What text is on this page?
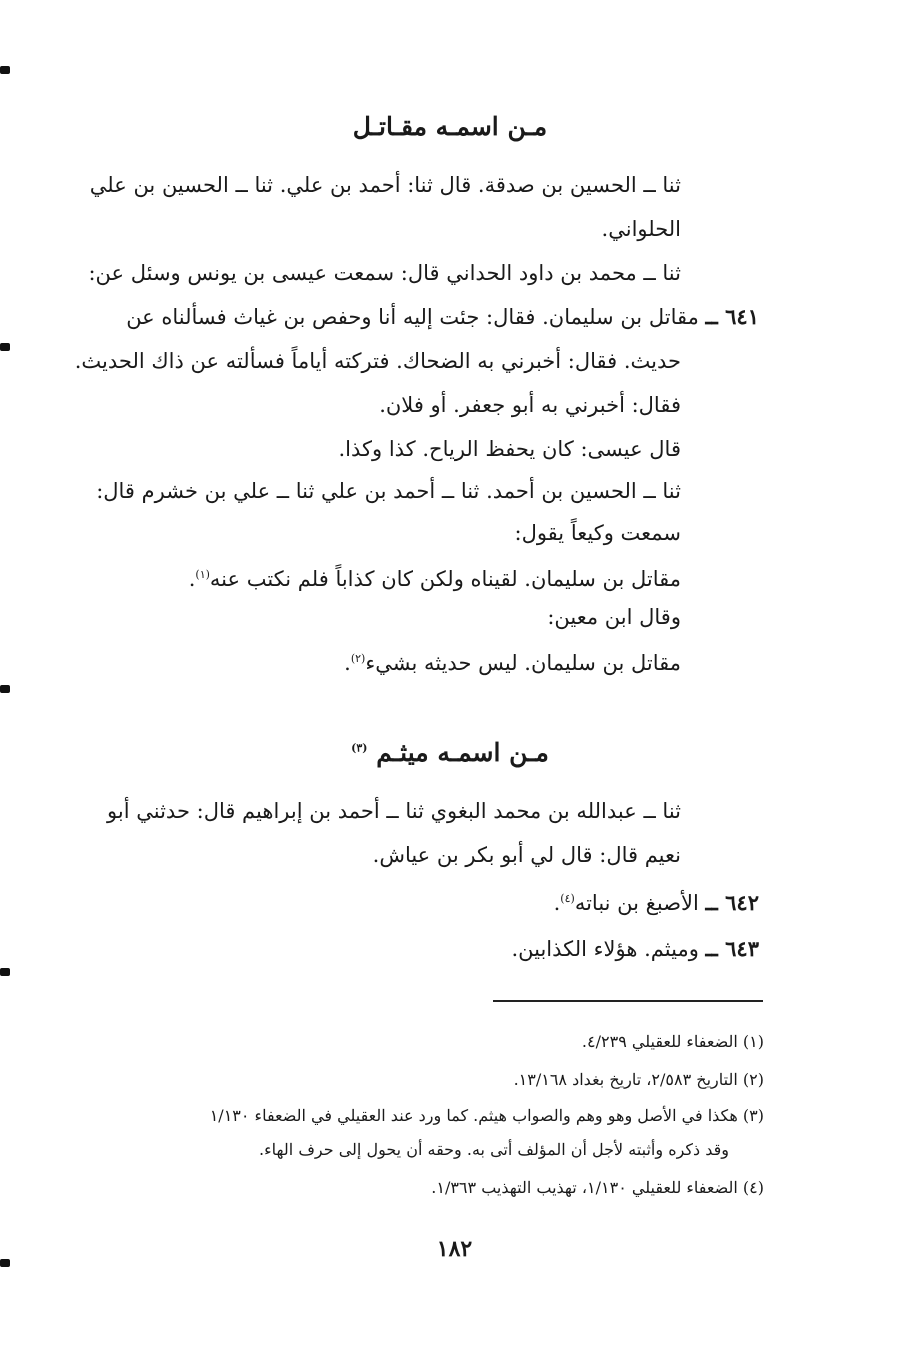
مـن اسمـه مقـاتـل
ثنا ــ الحسين بن صدقة. قال ثنا: أحمد بن علي. ثنا ــ الحسين بن علي
الحلواني.
ثنا ــ محمد بن داود الحداني قال: سمعت عيسى بن يونس وسئل عن:
٦٤١ ــ مقاتل بن سليمان. فقال: جئت إليه أنا وحفص بن غياث فسألناه عن
حديث. فقال: أخبرني به الضحاك. فتركته أياماً فسألته عن ذاك الحديث.
فقال: أخبرني به أبو جعفر. أو فلان.
قال عيسى: كان يحفظ الرياح. كذا وكذا.
ثنا ــ الحسين بن أحمد. ثنا ــ أحمد بن علي ثنا ــ علي بن خشرم قال:
سمعت وكيعاً يقول:
مقاتل بن سليمان. لقيناه ولكن كان كذاباً فلم نكتب عنه$^{(١)}$.
وقال ابن معين:
مقاتل بن سليمان. ليس حديثه بشيء$^{(٢)}$.
مـن اسمـه ميثـم $^{(٣)}$
ثنا ــ عبدالله بن محمد البغوي ثنا ــ أحمد بن إبراهيم قال: حدثني أبو
نعيم قال: قال لي أبو بكر بن عياش.
٦٤٢ ــ الأصبغ بن نباته$^{(٤)}$.
٦٤٣ ــ وميثم. هؤلاء الكذابين.
(١) الضعفاء للعقيلي ٤/٢٣٩.
(٢) التاريخ ٢/٥٨٣، تاريخ بغداد ١٣/١٦٨.
(٣) هكذا في الأصل وهو وهم والصواب هيثم. كما ورد عند العقيلي في الضعفاء ١/١٣٠
وقد ذكره وأثبته لأجل أن المؤلف أتى به. وحقه أن يحول إلى حرف الهاء.
(٤) الضعفاء للعقيلي ١/١٣٠، تهذيب التهذيب ١/٣٦٣.
١٨٢
